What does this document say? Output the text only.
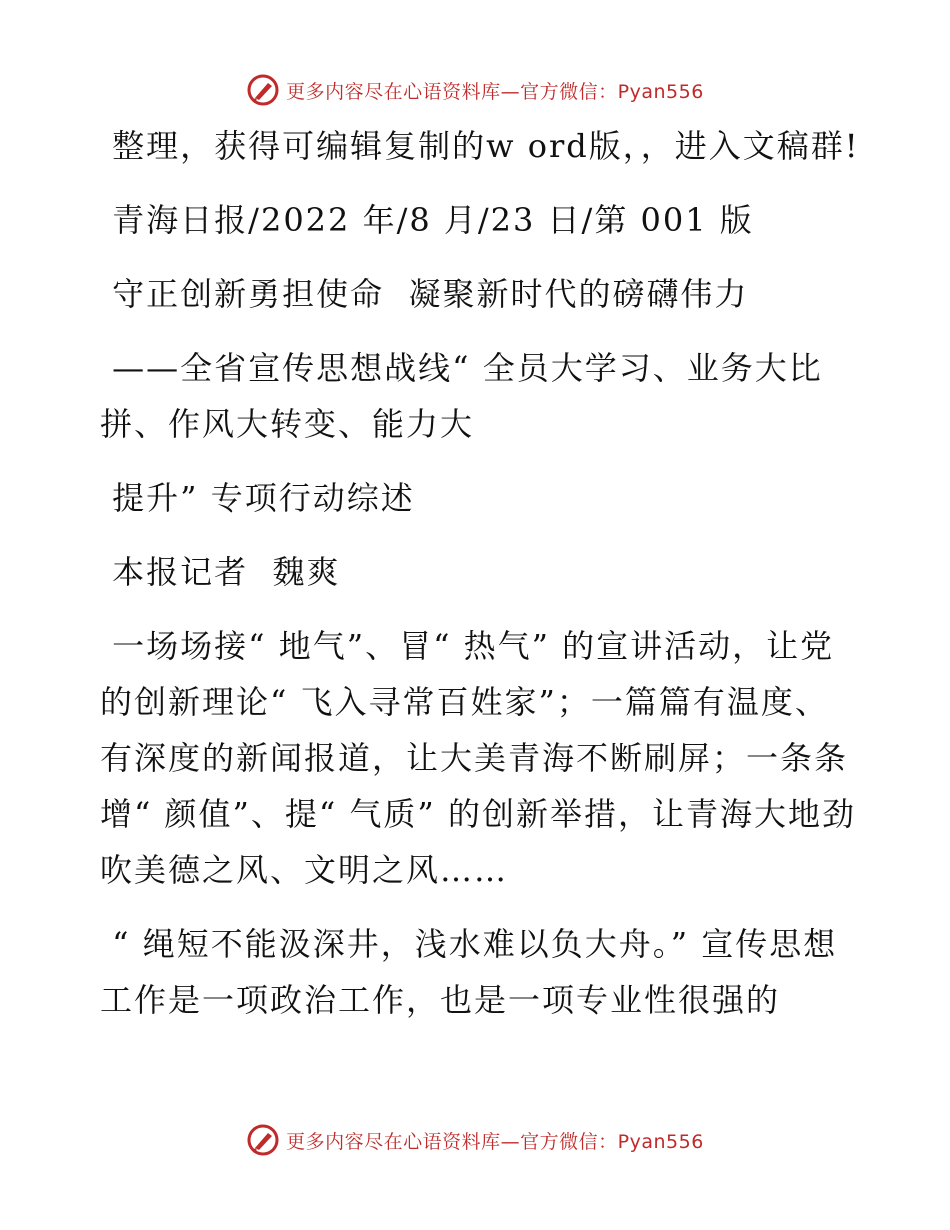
更多内容尽在心语资料库—官方微信：Pyan556

整理，获得可编辑复制的w ord版，，进入文稿群!

青海日报/2022 年/8 月/23 日/第 001 版

守正创新勇担使命  凝聚新时代的磅礴伟力

——全省宣传思想战线“ 全员大学习、业务大比拼、作风大转变、能力大

提升” 专项行动综述

本报记者  魏爽

一场场接“ 地气”、冒“ 热气” 的宣讲活动，让党的创新理论“ 飞入寻常百姓家”；一篇篇有温度、有深度的新闻报道，让大美青海不断刷屏；一条条增“ 颜值”、提“ 气质” 的创新举措，让青海大地劲吹美德之风、文明之风……

“ 绳短不能汲深井，浅水难以负大舟。” 宣传思想工作是一项政治工作，也是一项专业性很强的

更多内容尽在心语资料库—官方微信：Pyan556
